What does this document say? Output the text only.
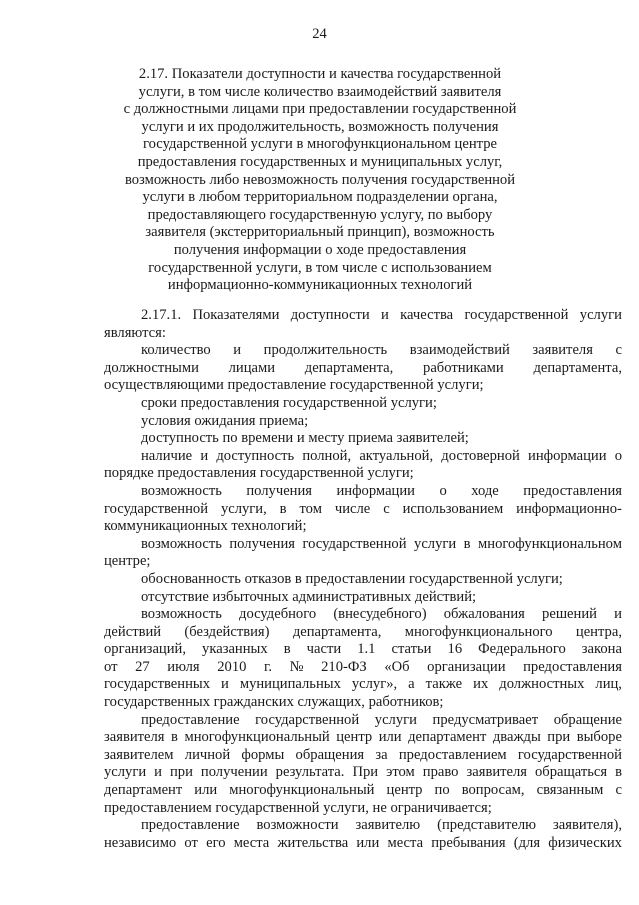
24
2.17. Показатели доступности и качества государственной
услуги, в том числе количество взаимодействий заявителя
с должностными лицами при предоставлении государственной
услуги и их продолжительность, возможность получения
государственной услуги в многофункциональном центре
предоставления государственных и муниципальных услуг,
возможность либо невозможность получения государственной
услуги в любом территориальном подразделении органа,
предоставляющего государственную услугу, по выбору
заявителя (экстерриториальный принцип), возможность
получения информации о ходе предоставления
государственной услуги, в том числе с использованием
информационно-коммуникационных технологий
2.17.1. Показателями доступности и качества государственной услуги
являются:
количество и продолжительность взаимодействий заявителя с
должностными лицами департамента, работниками департамента,
осуществляющими предоставление государственной услуги;
сроки предоставления государственной услуги;
условия ожидания приема;
доступность по времени и месту приема заявителей;
наличие и доступность полной, актуальной, достоверной информации о
порядке предоставления государственной услуги;
возможность получения информации о ходе предоставления
государственной услуги, в том числе с использованием информационно-
коммуникационных технологий;
возможность получения государственной услуги в многофункциональном
центре;
обоснованность отказов в предоставлении государственной услуги;
отсутствие избыточных административных действий;
возможность досудебного (внесудебного) обжалования решений и
действий (бездействия) департамента, многофункционального центра,
организаций, указанных в части 1.1 статьи 16 Федерального закона
от 27 июля 2010 г. № 210-ФЗ «Об организации предоставления
государственных и муниципальных услуг», а также их должностных лиц,
государственных гражданских служащих, работников;
предоставление государственной услуги предусматривает обращение
заявителя в многофункциональный центр или департамент дважды при выборе
заявителем личной формы обращения за предоставлением государственной
услуги и при получении результата. При этом право заявителя обращаться в
департамент или многофункциональный центр по вопросам, связанным с
предоставлением государственной услуги, не ограничивается;
предоставление возможности заявителю (представителю заявителя),
независимо от его места жительства или места пребывания (для физических
